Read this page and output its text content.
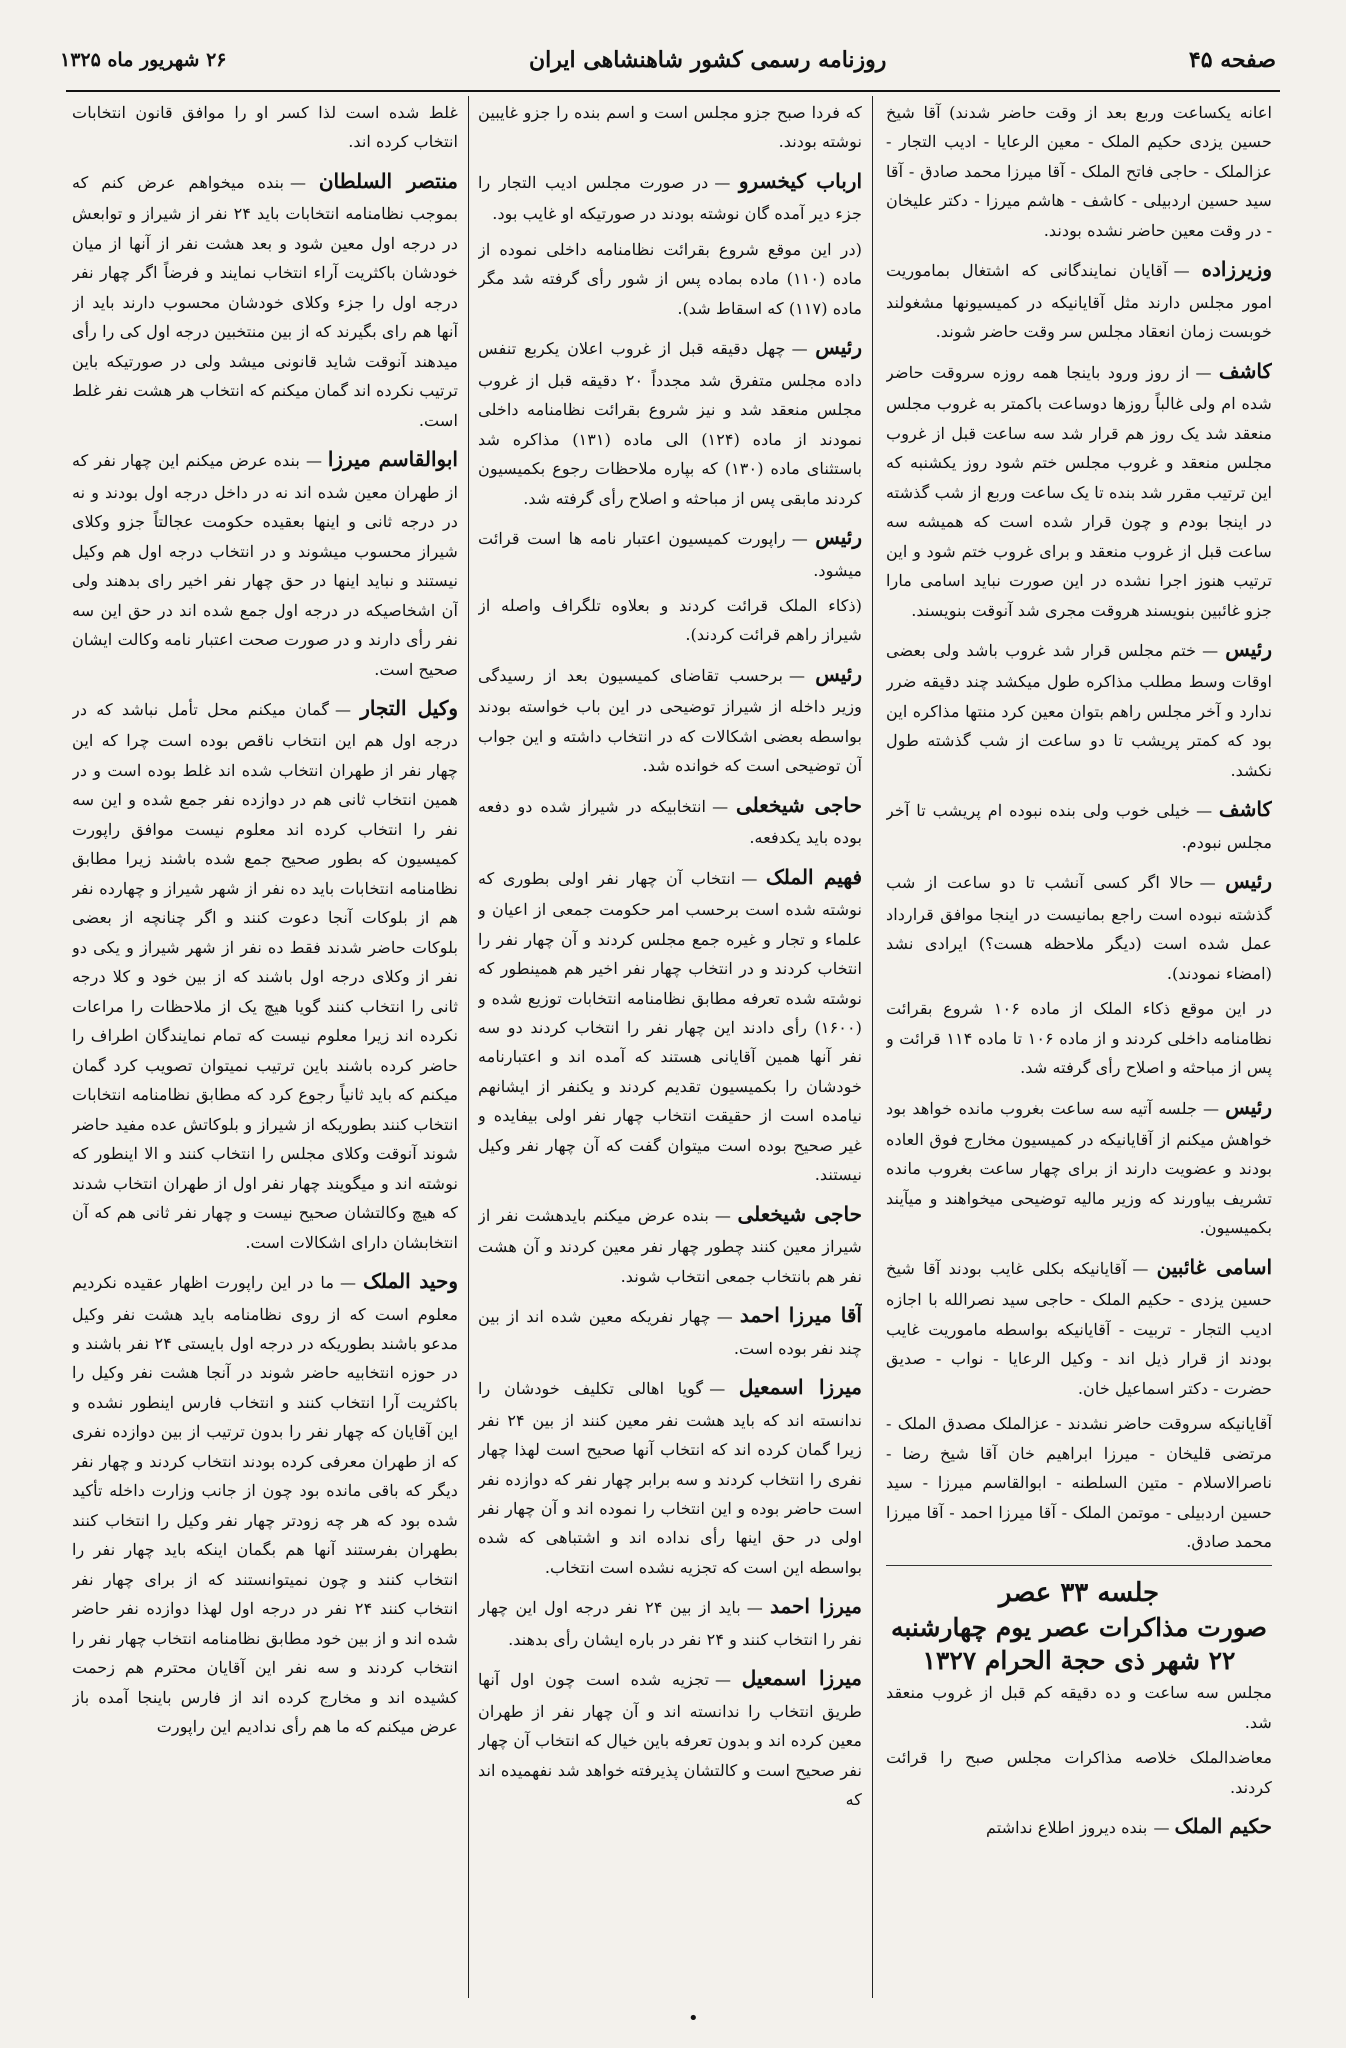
صفحه ۴۵
روزنامه رسمی کشور شاهنشاهی ایران
۲۶ شهریور ماه ۱۳۲۵

اعانه یکساعت وربع بعد از وقت حاضر شدند) آقا شیخ حسین یزدی حکیم الملک - معین الرعایا - ادیب التجار - عزالملک - حاجی فاتح الملک - آقا میرزا محمد صادق - آقا سید حسین اردبیلی - کاشف - هاشم میرزا - دکتر علیخان - در وقت معین حاضر نشده بودند.

وزیرزاده —آقایان نمایندگانی که اشتغال بماموریت امور مجلس دارند مثل آقایانیکه در کمیسیونها مشغولند خوبست زمان انعقاد مجلس سر وقت حاضر شوند.

کاشف —از روز ورود باینجا همه روزه سروقت حاضر شده ام ولی غالباً روزها دوساعت باکمتر به غروب مجلس منعقد شد یک روز هم قرار شد سه ساعت قبل از غروب مجلس منعقد و غروب مجلس ختم شود روز یکشنبه که این ترتیب مقرر شد بنده تا یک ساعت وربع از شب گذشته در اینجا بودم و چون قرار شده است که همیشه سه ساعت قبل از غروب منعقد و برای غروب ختم شود و این ترتیب هنوز اجرا نشده در این صورت نباید اسامی مارا جزو غائبین بنویسند هروقت مجری شد آنوقت بنویسند.

رئیس —ختم مجلس قرار شد غروب باشد ولی بعضی اوقات وسط مطلب مذاکره طول میکشد چند دقیقه ضرر ندارد و آخر مجلس راهم بتوان معین کرد منتها مذاکره این بود که کمتر پریشب تا دو ساعت از شب گذشته طول نکشد.

کاشف —خیلی خوب ولی بنده نبوده ام پریشب تا آخر مجلس نبودم.

رئیس —حالا اگر کسی آنشب تا دو ساعت از شب گذشته نبوده است راجع بمانیست در اینجا موافق قرارداد عمل شده است (دیگر ملاحظه هست؟) ایرادی نشد (امضاء نمودند).

در این موقع ذکاء الملک از ماده ۱۰۶ شروع بقرائت نظامنامه داخلی کردند و از ماده ۱۰۶ تا ماده ۱۱۴ قرائت و پس از مباحثه و اصلاح رأی گرفته شد.

رئیس —جلسه آتیه سه ساعت بغروب مانده خواهد بود خواهش میکنم از آقایانیکه در کمیسیون مخارج فوق العاده بودند و عضویت دارند از برای چهار ساعت بغروب مانده تشریف بیاورند که وزیر مالیه توضیحی میخواهند و میآیند بکمیسیون.

اسامی غائبین —آقایانیکه بکلی غایب بودند آقا شیخ حسین یزدی - حکیم الملک - حاجی سید نصرالله با اجازه ادیب التجار - تربیت - آقایانیکه بواسطه ماموریت غایب بودند از قرار ذیل اند - وکیل الرعایا - نواب - صدیق حضرت - دکتر اسماعیل خان.

آقایانیکه سروقت حاضر نشدند - عزالملک مصدق الملک - مرتضی قلیخان - میرزا ابراهیم خان آقا شیخ رضا - ناصرالاسلام - متین السلطنه - ابوالقاسم میرزا - سید حسین اردبیلی - موتمن الملک - آقا میرزا احمد - آقا میرزا محمد صادق.

جلسه ۳۳ عصر
صورت مذاکرات عصر یوم چهارشنبه
۲۲ شهر ذی حجة الحرام ۱۳۲۷

مجلس سه ساعت و ده دقیقه کم قبل از غروب منعقد شد.

معاضدالملک خلاصه مذاکرات مجلس صبح را قرائت کردند.

حکیم الملک —بنده دیروز اطلاع نداشتم

که فردا صبح جزو مجلس است و اسم بنده را جزو غایبین نوشته بودند.

ارباب کیخسرو —در صورت مجلس ادیب التجار را جزء دیر آمده گان نوشته بودند در صورتیکه او غایب بود.

(در این موقع شروع بقرائت نظامنامه داخلی نموده از ماده (۱۱۰) ماده بماده پس از شور رأی گرفته شد مگر ماده (۱۱۷) که اسقاط شد).

رئیس —چهل دقیقه قبل از غروب اعلان یکربع تنفس داده مجلس متفرق شد مجدداً ۲۰ دقیقه قبل از غروب مجلس منعقد شد و نیز شروع بقرائت نظامنامه داخلی نمودند از ماده (۱۲۴) الی ماده (۱۳۱) مذاکره شد باستثنای ماده (۱۳۰) که بپاره ملاحظات رجوع بکمیسیون کردند مابقی پس از مباحثه و اصلاح رأی گرفته شد.

رئیس —راپورت کمیسیون اعتبار نامه ها است قرائت میشود.

(ذکاء الملک قرائت کردند و بعلاوه تلگراف واصله از شیراز راهم قرائت کردند).

رئیس —برحسب تقاضای کمیسیون بعد از رسیدگی وزیر داخله از شیراز توضیحی در این باب خواسته بودند بواسطه بعضی اشکالات که در انتخاب داشته و این جواب آن توضیحی است که خوانده شد.

حاجی شیخعلی —انتخابیکه در شیراز شده دو دفعه بوده باید یکدفعه.

فهیم الملک —انتخاب آن چهار نفر اولی بطوری که نوشته شده است برحسب امر حکومت جمعی از اعیان و علماء و تجار و غیره جمع مجلس کردند و آن چهار نفر را انتخاب کردند و در انتخاب چهار نفر اخیر هم همینطور که نوشته شده تعرفه مطابق نظامنامه انتخابات توزیع شده و (۱۶۰۰) رأی دادند این چهار نفر را انتخاب کردند دو سه نفر آنها همین آقایانی هستند که آمده اند و اعتبارنامه خودشان را بکمیسیون تقدیم کردند و یکنفر از ایشانهم نیامده است از حقیقت انتخاب چهار نفر اولی بیفایده و غیر صحیح بوده است میتوان گفت که آن چهار نفر وکیل نیستند.

حاجی شیخعلی —بنده عرض میکنم بایدهشت نفر از شیراز معین کنند چطور چهار نفر معین کردند و آن هشت نفر هم بانتخاب جمعی انتخاب شوند.

آقا میرزا احمد —چهار نفریکه معین شده اند از بین چند نفر بوده است.

میرزا اسمعیل —گویا اهالی تکلیف خودشان را ندانسته اند که باید هشت نفر معین کنند از بین ۲۴ نفر زیرا گمان کرده اند که انتخاب آنها صحیح است لهذا چهار نفری را انتخاب کردند و سه برابر چهار نفر که دوازده نفر است حاضر بوده و این انتخاب را نموده اند و آن چهار نفر اولی در حق اینها رأی نداده اند و اشتباهی که شده بواسطه این است که تجزیه نشده است انتخاب.

میرزا احمد —باید از بین ۲۴ نفر درجه اول این چهار نفر را انتخاب کنند و ۲۴ نفر در باره ایشان رأی بدهند.

میرزا اسمعیل —تجزیه شده است چون اول آنها طریق انتخاب را ندانسته اند و آن چهار نفر از طهران معین کرده اند و بدون تعرفه باین خیال که انتخاب آن چهار نفر صحیح است و کالتشان پذیرفته خواهد شد نفهمیده اند که

غلط شده است لذا کسر او را موافق قانون انتخابات انتخاب کرده اند.

منتصر السلطان —بنده میخواهم عرض کنم که بموجب نظامنامه انتخابات باید ۲۴ نفر از شیراز و توابعش در درجه اول معین شود و بعد هشت نفر از آنها از میان خودشان باکثریت آراء انتخاب نمایند و فرضاً اگر چهار نفر درجه اول را جزء وکلای خودشان محسوب دارند باید از آنها هم رای بگیرند که از بین منتخبین درجه اول کی را رأی میدهند آنوقت شاید قانونی میشد ولی در صورتیکه باین ترتیب نکرده اند گمان میکنم که انتخاب هر هشت نفر غلط است.

ابوالقاسم میرزا —بنده عرض میکنم این چهار نفر که از طهران معین شده اند نه در داخل درجه اول بودند و نه در درجه ثانی و اینها بعقیده حکومت عجالتاً جزو وکلای شیراز محسوب میشوند و در انتخاب درجه اول هم وکیل نیستند و نباید اینها در حق چهار نفر اخیر رای بدهند ولی آن اشخاصیکه در درجه اول جمع شده اند در حق این سه نفر رأی دارند و در صورت صحت اعتبار نامه وکالت ایشان صحیح است.

وکیل التجار —گمان میکنم محل تأمل نباشد که در درجه اول هم این انتخاب ناقص بوده است چرا که این چهار نفر از طهران انتخاب شده اند غلط بوده است و در همین انتخاب ثانی هم در دوازده نفر جمع شده و این سه نفر را انتخاب کرده اند معلوم نیست موافق راپورت کمیسیون که بطور صحیح جمع شده باشند زیرا مطابق نظامنامه انتخابات باید ده نفر از شهر شیراز و چهارده نفر هم از بلوکات آنجا دعوت کنند و اگر چنانچه از بعضی بلوکات حاضر شدند فقط ده نفر از شهر شیراز و یکی دو نفر از وکلای درجه اول باشند که از بین خود و کلا درجه ثانی را انتخاب کنند گویا هیچ یک از ملاحظات را مراعات نکرده اند زیرا معلوم نیست که تمام نمایندگان اطراف را حاضر کرده باشند باین ترتیب نمیتوان تصویب کرد گمان میکنم که باید ثانیاً رجوع کرد که مطابق نظامنامه انتخابات انتخاب کنند بطوریکه از شیراز و بلوکاتش عده مفید حاضر شوند آنوقت وکلای مجلس را انتخاب کنند و الا اینطور که نوشته اند و میگویند چهار نفر اول از طهران انتخاب شدند که هیچ وکالتشان صحیح نیست و چهار نفر ثانی هم که آن انتخابشان دارای اشکالات است.

وحید الملک —ما در این راپورت اظهار عقیده نکردیم معلوم است که از روی نظامنامه باید هشت نفر وکیل مدعو باشند بطوریکه در درجه اول بایستی ۲۴ نفر باشند و در حوزه انتخابیه حاضر شوند در آنجا هشت نفر وکیل را باکثریت آرا انتخاب کنند و انتخاب فارس اینطور نشده و این آقایان که چهار نفر را بدون ترتیب از بین دوازده نفری که از طهران معرفی کرده بودند انتخاب کردند و چهار نفر دیگر که باقی مانده بود چون از جانب وزارت داخله تأکید شده بود که هر چه زودتر چهار نفر وکیل را انتخاب کنند بطهران بفرستند آنها هم بگمان اینکه باید چهار نفر را انتخاب کنند و چون نمیتوانستند که از برای چهار نفر انتخاب کنند ۲۴ نفر در درجه اول لهذا دوازده نفر حاضر شده اند و از بین خود مطابق نظامنامه انتخاب چهار نفر را انتخاب کردند و سه نفر این آقایان محترم هم زحمت کشیده اند و مخارج کرده اند از فارس باینجا آمده باز عرض میکنم که ما هم رأی ندادیم این راپورت

•
